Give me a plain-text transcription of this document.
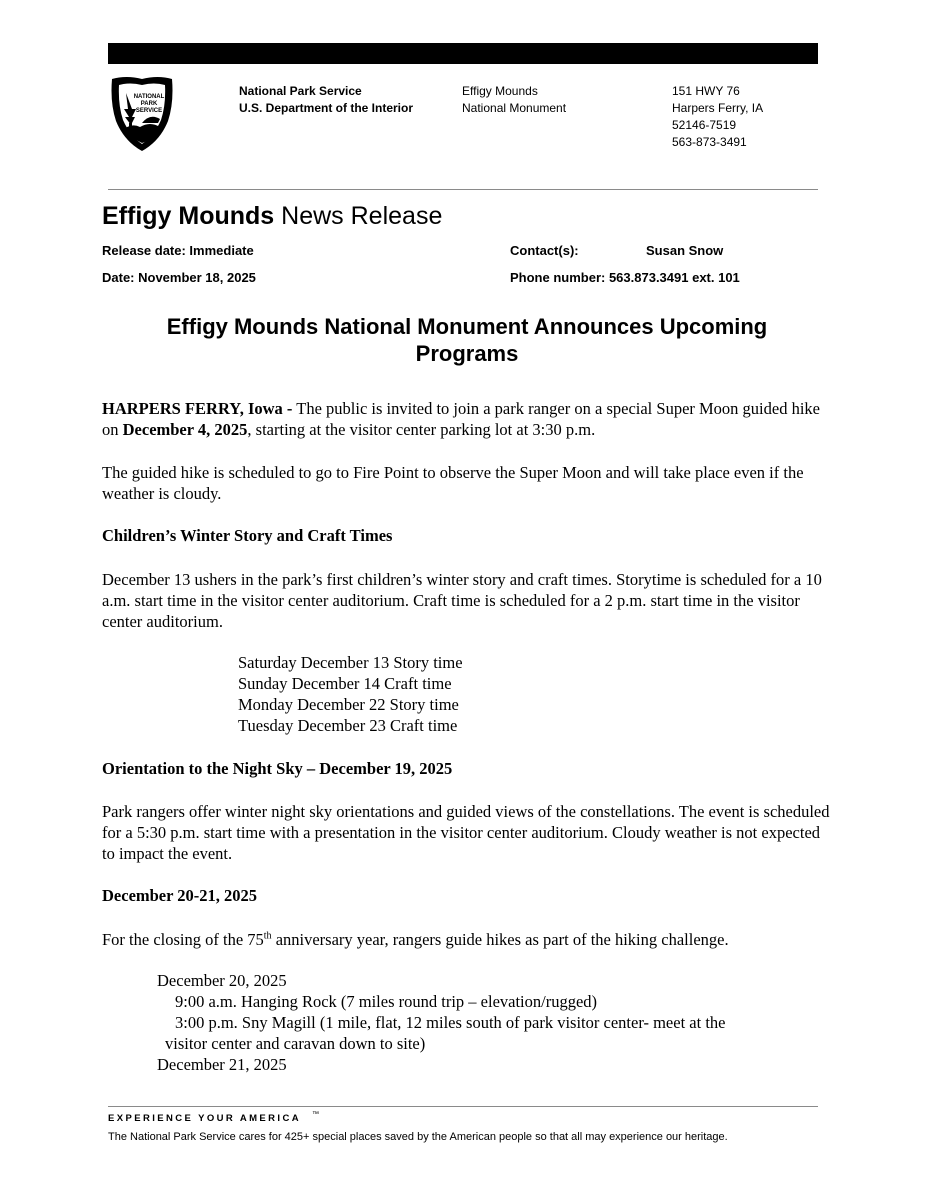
NATIONAL
PARK
SERVICE
National Park Service
U.S. Department of the Interior
Effigy Mounds
National Monument
151 HWY 76
Harpers Ferry, IA
52146-7519
563-873-3491
Effigy Mounds News Release
Release date: Immediate	Contact(s):	Susan Snow
Date: November 18, 2025	Phone number: 563.873.3491 ext. 101
Effigy Mounds National Monument Announces Upcoming
Programs
HARPERS FERRY, Iowa - The public is invited to join a park ranger on a special Super Moon guided hike on December 4, 2025, starting at the visitor center parking lot at 3:30 p.m.
The guided hike is scheduled to go to Fire Point to observe the Super Moon and will take place even if the weather is cloudy.
Children’s Winter Story and Craft Times
December 13 ushers in the park’s first children’s winter story and craft times. Storytime is scheduled for a 10 a.m. start time in the visitor center auditorium. Craft time is scheduled for a 2 p.m. start time in the visitor center auditorium.
Saturday December 13 Story time
Sunday December 14 Craft time
Monday December 22 Story time
Tuesday December 23 Craft time
Orientation to the Night Sky – December 19, 2025
Park rangers offer winter night sky orientations and guided views of the constellations. The event is scheduled for a 5:30 p.m. start time with a presentation in the visitor center auditorium. Cloudy weather is not expected to impact the event.
December 20-21, 2025
For the closing of the 75th anniversary year, rangers guide hikes as part of the hiking challenge.
December 20, 2025
9:00 a.m. Hanging Rock (7 miles round trip – elevation/rugged)
3:00 p.m. Sny Magill (1 mile, flat, 12 miles south of park visitor center- meet at the
visitor center and caravan down to site)
December 21, 2025
EXPERIENCE YOUR AMERICA ™
The National Park Service cares for 425+ special places saved by the American people so that all may experience our heritage.
